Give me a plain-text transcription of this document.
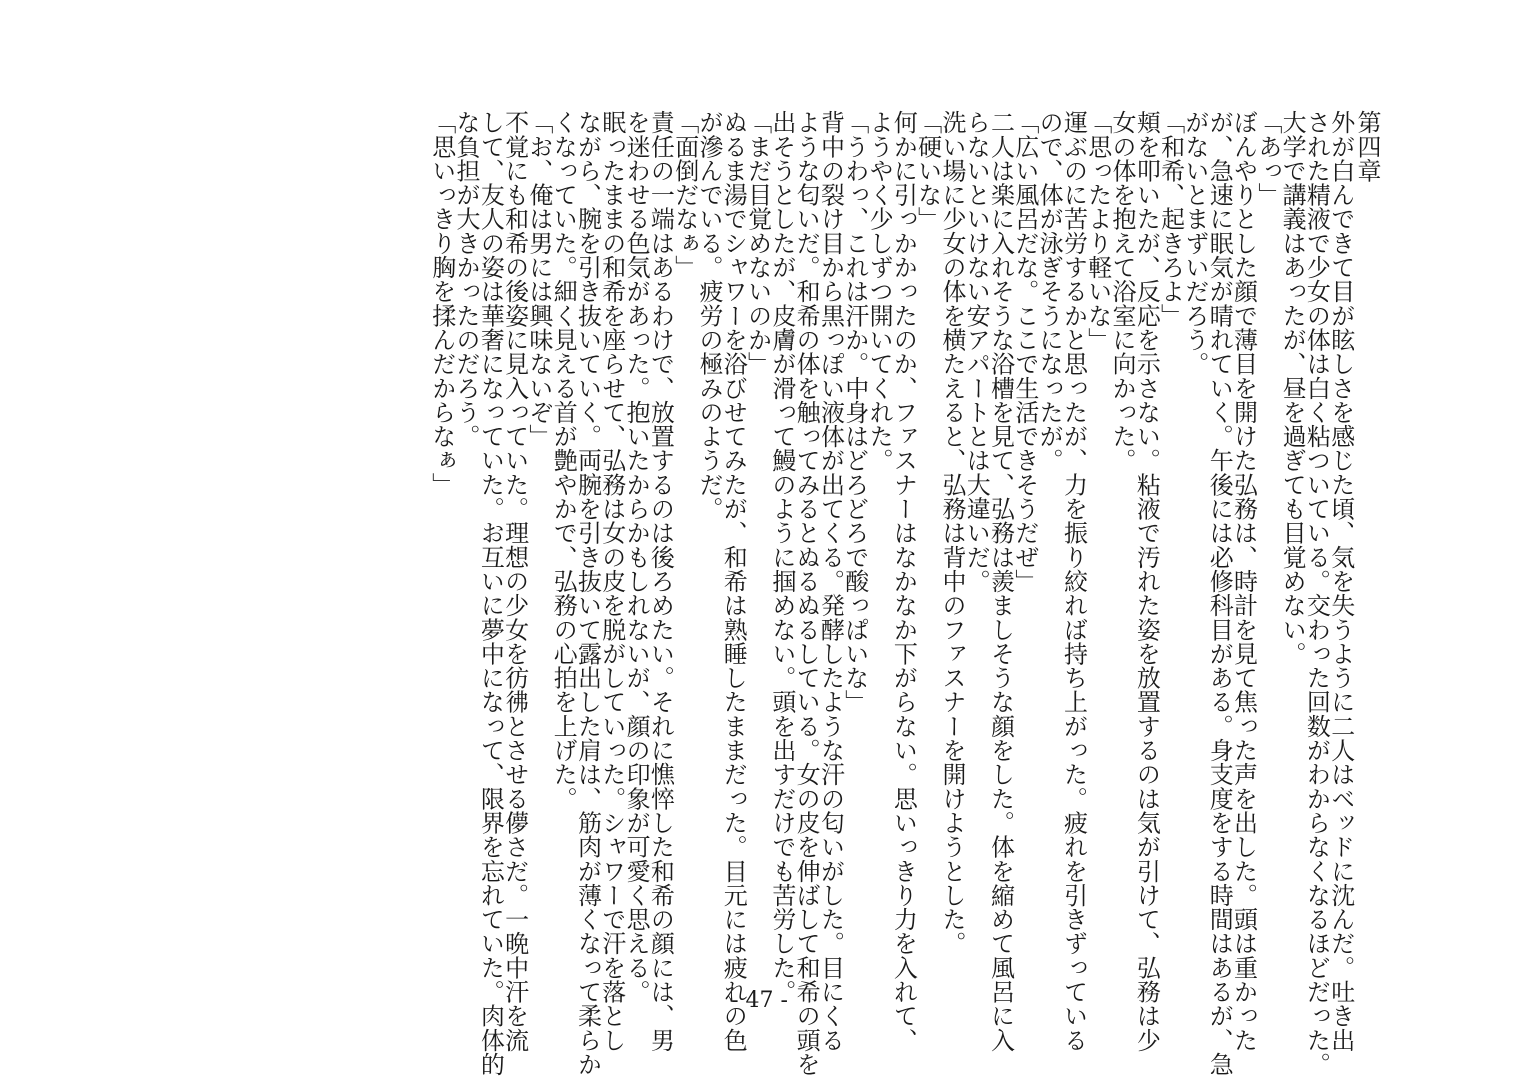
第四章

外が白んできて目が眩しさを感じた頃、気を失うように二人はベッドに沈んだ。吐き出

された精液で少女の体は白く粘ついている。交わった回数がわからなくなるほどだった。

大学で講義はあったが、昼を過ぎても目覚めない。

「あっ」

ぼんやりとした顔で薄目を開けた弘務は、時計を見て焦った声を出した。頭は重かった

が、急速に眠気が晴れていく。午後には必修科目がある。身支度をする時間はあるが、急

がないとまずいだろう。

「和希、起きろよ」

頬を叩いたが、反応を示さない。粘液で汚れた姿を放置するのは気が引けて、弘務は少

女の体を抱えて浴室に向かった。

「思ったより軽いな」

運ぶのに苦労するかと思ったが、力を振り絞れば持ち上がった。疲れを引きずっている

ので、体が泳ぎそうになったが。

「広い風呂だな。ここで生活できそうだぜ」

二人は楽に入れそうな浴槽を見て、弘務は羨ましそうな顔をした。体を縮めて風呂に入

らないといけない安アパートとは大違いだ。

洗い場に少女の体を横たえると、弘務は背中のファスナーを開けようとした。

「硬いな」

何かに引っかかったのか、ファスナーはなかなか下がらない。思いっきり力を入れて、

ようやく少しずつ開いてくれた。

「うわっ、これは汗か。中身はどろどろで酸っぱいな」

背中の裂け目から黒っぽい液体が出てくる。発酵したような汗の匂いがした。目にくる

ような匂いだ。和希の体を触ってみるとぬるぬるしている。女の皮を伸ばして和希の頭を

出そうとしたが、皮膚が滑って鰻のように掴めない。頭を出すだけでも苦労した。

「まだ目覚めないのか」

ぬるま湯でシャワーを浴びせてみたが、和希は熟睡したままだった。目元には疲れの色

が滲んでいる。疲労の極みのようだ。

「面倒だなぁ」

責任の一端はあるわけで、放置するのは後ろめたい。それに憔悴した和希の顔には、男

を迷わせる色気があった。抱いたからかもしれないが、顔の印象が可愛く思える。

眠ったままの和希を座らせて、弘務は女の皮を脱がしていった。シャワーで汗を落とし

ながら、腕を引き抜いていく。両腕を引き抜いて露出した肩は、筋肉が薄くなって柔らか

くなっていた。細く見える首が艶やかで、弘務の心拍を上げた。

「お、俺は男には興味ないぞ」

不覚にも和希の後姿に見入っていた。理想の少女を彷彿とさせる儚さだ。一晩中汗を流

して、友人の姿は華奢になっていた。お互いに夢中になって、限界を忘れていた。肉体的

な負担が大きかったのだろう。

「思いっきり胸を揉んだからなぁ」

- 47 -
